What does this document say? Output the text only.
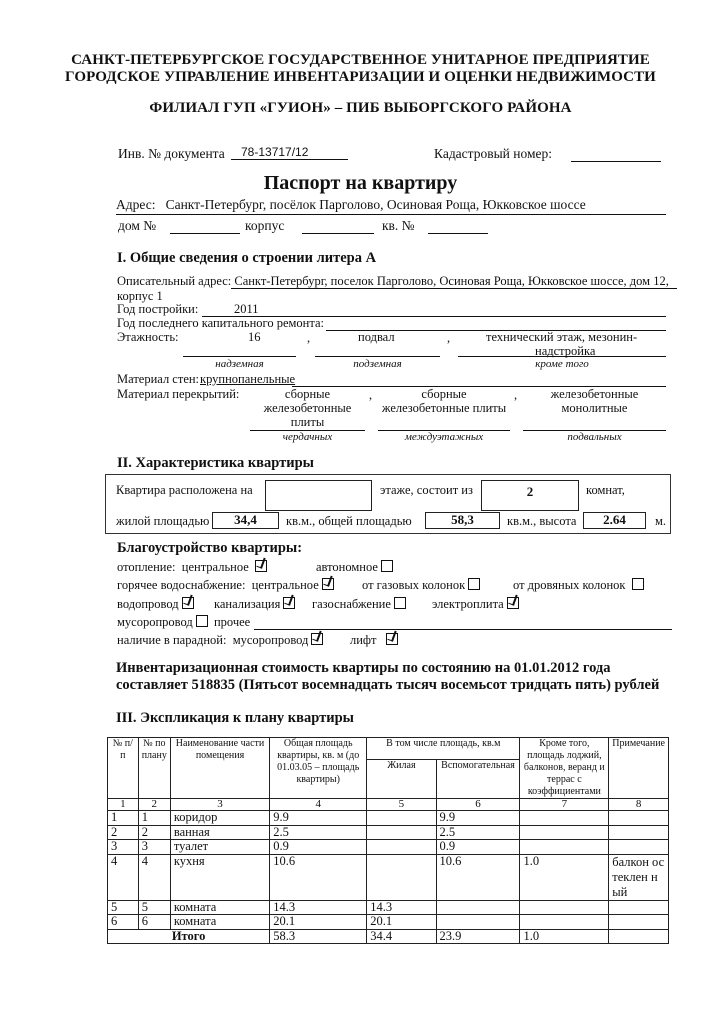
САНКТ-ПЕТЕРБУРГСКОЕ ГОСУДАРСТВЕННОЕ УНИТАРНОЕ ПРЕДПРИЯТИЕ
ГОРОДСКОЕ УПРАВЛЕНИЕ ИНВЕНТАРИЗАЦИИ И ОЦЕНКИ НЕДВИЖИМОСТИ
ФИЛИАЛ ГУП «ГУИОН» – ПИБ ВЫБОРГСКОГО РАЙОНА
Инв. № документа	78-13717/12	Кадастровый номер:
Паспорт на квартиру
Адрес: Санкт-Петербург, посёлок Парголово, Осиновая Роща, Юкковское шоссе
дом №	корпус	кв. №
I. Общие сведения о строении литера А
Описательный адрес: Санкт-Петербург, поселок Парголово, Осиновая Роща, Юкковское шоссе, дом 12,
корпус 1
Год постройки:	2011
Год последнего капитального ремонта:
Этажность:	16	,	подвал	,	технический этаж, мезонин-
надстройка
надземная	подземная	кроме того
Материал стен: крупнопанельные
Материал перекрытий:	сборные
железобетонные
плиты
,	сборные
железобетонные плиты
,	железобетонные
монолитные
чердачных	междуэтажных	подвальных
II. Характеристика квартиры
Квартира расположена на	этаже, состоит из	2	комнат,
жилой площадью	34,4	кв.м., общей площадью	58,3	кв.м., высота	2.64	м.
Благоустройство квартиры:
отопление: центральное	автономное
горячее водоснабжение: центральное	от газовых колонок	от дровяных колонок
водопровод	канализация	газоснабжение	электроплита
мусоропровод прочее
наличие в парадной: мусоропровод	лифт
Инвентаризационная стоимость квартиры по состоянию на 01.01.2012 года
составляет 518835 (Пятьсот восемнадцать тысяч восемьсот тридцать пять) рублей
III. Экспликация к плану квартиры
№ п/п	№ по плану	Наименование части помещения	Общая площадь квартиры, кв. м (до 01.03.05 – площадь квартиры)	В том числе площадь, кв.м		Кроме того, площадь лоджий, балконов, веранд и террас с коэффициентами	Примечание
				Жилая	Вспомогательная		
1	2	3	4	5	6	7	8
1	1	коридор	9.9		9.9		
2	2	ванная	2.5		2.5		
3	3	туалет	0.9		0.9		
4	4	кухня	10.6		10.6	1.0	балкон остеклен ный
5	5	комната	14.3	14.3			
6	6	комната	20.1	20.1			
Итого			58.3	34.4	23.9	1.0	
